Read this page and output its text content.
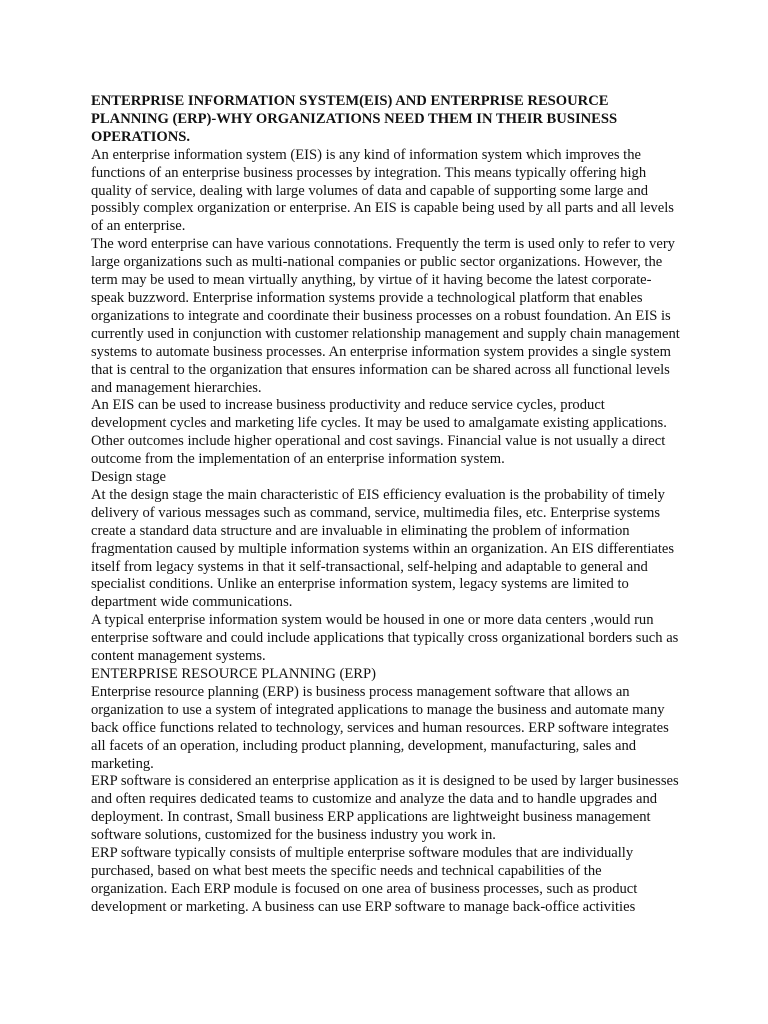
ENTERPRISE INFORMATION SYSTEM(EIS) AND ENTERPRISE RESOURCE PLANNING (ERP)-WHY ORGANIZATIONS NEED THEM IN THEIR BUSINESS OPERATIONS.

An enterprise information system (EIS) is any kind of information system which improves the functions of an enterprise business processes by integration. This means typically offering high quality of service, dealing with large volumes of data and capable of supporting some large and possibly complex organization or enterprise. An EIS is capable being used by all parts and all levels of an enterprise.

The word enterprise can have various connotations. Frequently the term is used only to refer to very large organizations such as multi-national companies or public sector organizations. However, the term may be used to mean virtually anything, by virtue of it having become the latest corporate-speak buzzword. Enterprise information systems provide a technological platform that enables organizations to integrate and coordinate their business processes on a robust foundation. An EIS is currently used in conjunction with customer relationship management and supply chain management systems to automate business processes. An enterprise information system provides a single system that is central to the organization that ensures information can be shared across all functional levels and management hierarchies.

An EIS can be used to increase business productivity and reduce service cycles, product development cycles and marketing life cycles. It may be used to amalgamate existing applications. Other outcomes include higher operational and cost savings. Financial value is not usually a direct outcome from the implementation of an enterprise information system.

Design stage

At the design stage the main characteristic of EIS efficiency evaluation is the probability of timely delivery of various messages such as command, service, multimedia files, etc. Enterprise systems create a standard data structure and are invaluable in eliminating the problem of information fragmentation caused by multiple information systems within an organization. An EIS differentiates itself from legacy systems in that it self-transactional, self-helping and adaptable to general and specialist conditions. Unlike an enterprise information system, legacy systems are limited to department wide communications.

A typical enterprise information system would be housed in one or more data centers ,would run enterprise software and could include applications that typically cross organizational borders such as content management systems.

ENTERPRISE RESOURCE PLANNING (ERP)

Enterprise resource planning (ERP) is business process management software that allows an organization to use a system of integrated applications to manage the business and automate many back office functions related to technology, services and human resources. ERP software integrates all facets of an operation, including product planning, development, manufacturing, sales and marketing.

ERP software is considered an enterprise application as it is designed to be used by larger businesses and often requires dedicated teams to customize and analyze the data and to handle upgrades and deployment. In contrast, Small business ERP applications are lightweight business management software solutions, customized for the business industry you work in.

ERP software typically consists of multiple enterprise software modules that are individually purchased, based on what best meets the specific needs and technical capabilities of the organization. Each ERP module is focused on one area of business processes, such as product development or marketing. A business can use ERP software to manage back-office activities
